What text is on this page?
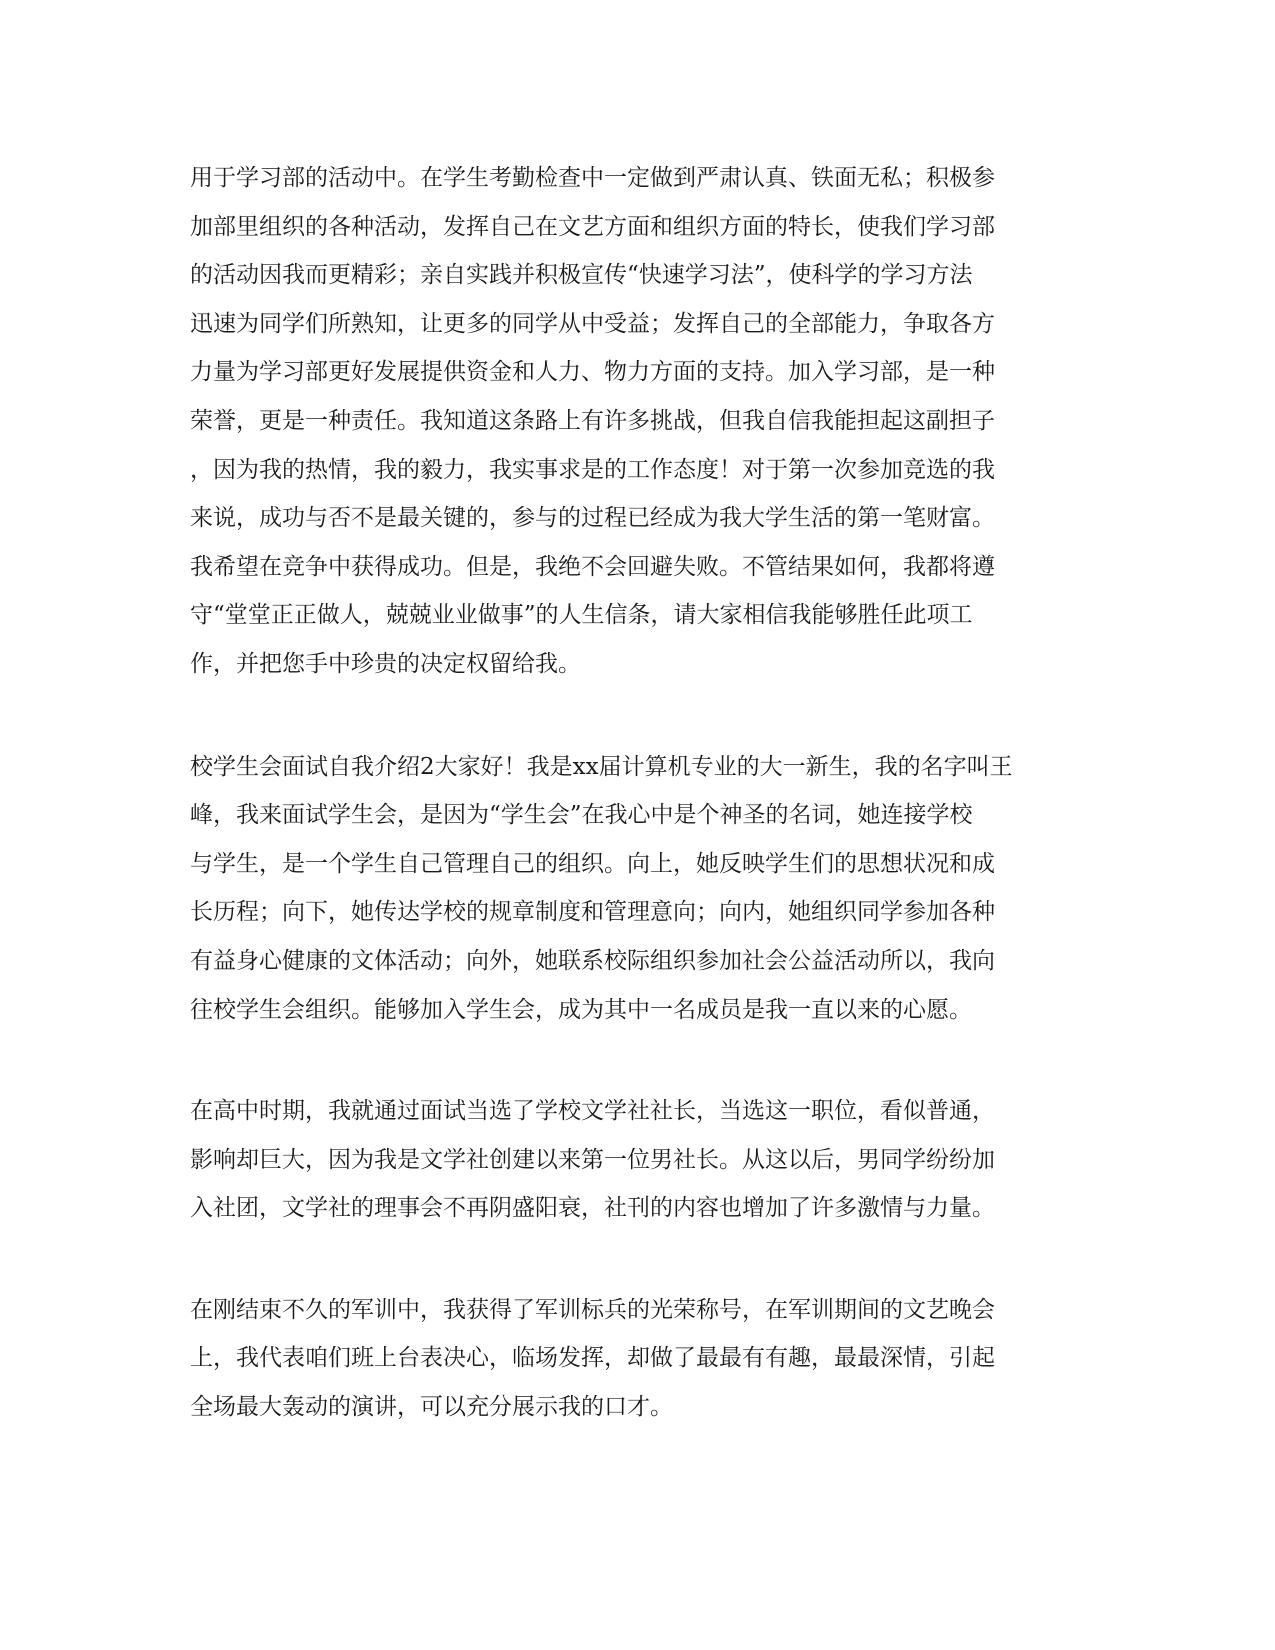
用于学习部的活动中。在学生考勤检查中一定做到严肃认真、铁面无私；积极参
加部里组织的各种活动，发挥自己在文艺方面和组织方面的特长，使我们学习部
的活动因我而更精彩；亲自实践并积极宣传“快速学习法”，使科学的学习方法
迅速为同学们所熟知，让更多的同学从中受益；发挥自己的全部能力，争取各方
力量为学习部更好发展提供资金和人力、物力方面的支持。加入学习部，是一种
荣誉，更是一种责任。我知道这条路上有许多挑战，但我自信我能担起这副担子
，因为我的热情，我的毅力，我实事求是的工作态度！对于第一次参加竞选的我
来说，成功与否不是最关键的，参与的过程已经成为我大学生活的第一笔财富。
我希望在竞争中获得成功。但是，我绝不会回避失败。不管结果如何，我都将遵
守“堂堂正正做人，兢兢业业做事”的人生信条，请大家相信我能够胜任此项工
作，并把您手中珍贵的决定权留给我。
校学生会面试自我介绍2大家好！我是xx届计算机专业的大一新生，我的名字叫王
峰，我来面试学生会，是因为“学生会”在我心中是个神圣的名词，她连接学校
与学生，是一个学生自己管理自己的组织。向上，她反映学生们的思想状况和成
长历程；向下，她传达学校的规章制度和管理意向；向内，她组织同学参加各种
有益身心健康的文体活动；向外，她联系校际组织参加社会公益活动所以，我向
往校学生会组织。能够加入学生会，成为其中一名成员是我一直以来的心愿。
在高中时期，我就通过面试当选了学校文学社社长，当选这一职位，看似普通，
影响却巨大，因为我是文学社创建以来第一位男社长。从这以后，男同学纷纷加
入社团，文学社的理事会不再阴盛阳衰，社刊的内容也增加了许多激情与力量。
在刚结束不久的军训中，我获得了军训标兵的光荣称号，在军训期间的文艺晚会
上，我代表咱们班上台表决心，临场发挥，却做了最最有有趣，最最深情，引起
全场最大轰动的演讲，可以充分展示我的口才。
